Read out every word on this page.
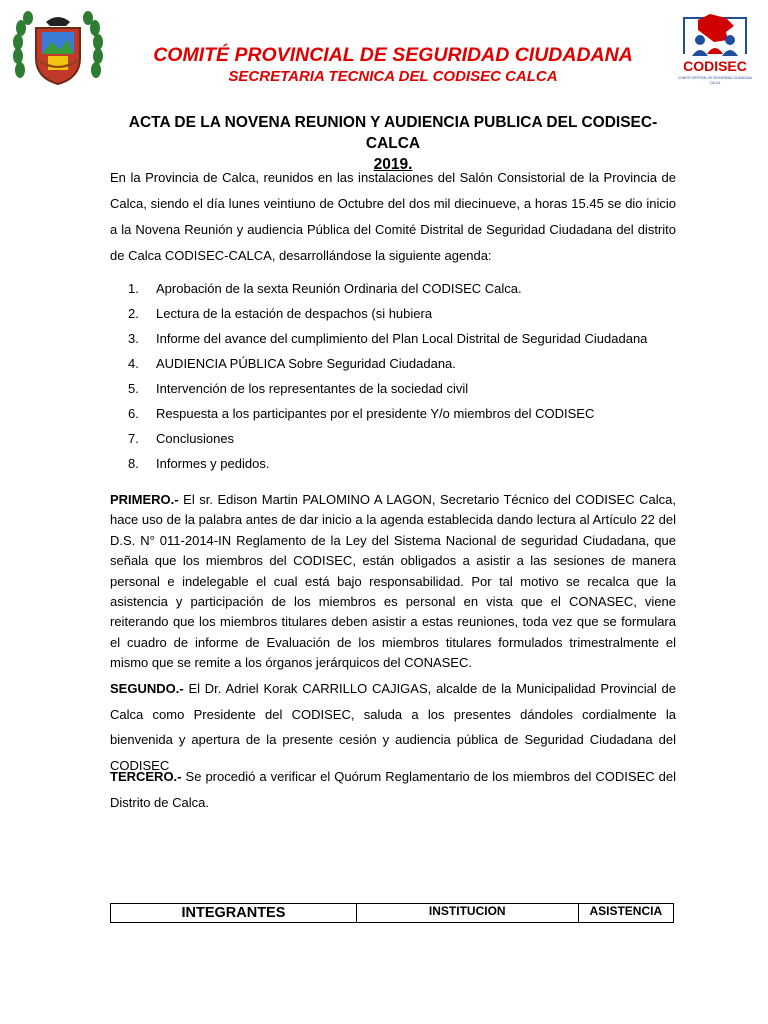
CODISEC
COMITÉ DISTRITAL DE SEGURIDAD CIUDADANA
CALCA
COMITÉ PROVINCIAL DE SEGURIDAD CIUDADANA
SECRETARIA TECNICA DEL CODISEC CALCA
ACTA DE LA NOVENA REUNION Y AUDIENCIA PUBLICA DEL CODISEC-CALCA
2019.
En la Provincia de Calca, reunidos en las instalaciones del Salón Consistorial de la Provincia de Calca, siendo el día lunes veintiuno de Octubre del dos mil diecinueve, a horas 15.45 se dio inicio a la Novena Reunión y audiencia Pública del Comité Distrital de Seguridad Ciudadana del distrito de Calca CODISEC-CALCA, desarrollándose la siguiente agenda:
1. Aprobación de la sexta Reunión Ordinaria del CODISEC Calca.
2. Lectura de la estación de despachos (si hubiera
3. Informe del avance del cumplimiento del Plan Local Distrital de Seguridad Ciudadana
4. AUDIENCIA PÚBLICA Sobre Seguridad Ciudadana.
5. Intervención de los representantes de la sociedad civil
6. Respuesta a los participantes por el presidente Y/o miembros del CODISEC
7. Conclusiones
8. Informes y pedidos.
PRIMERO.- El sr. Edison Martin PALOMINO A LAGON, Secretario Técnico del CODISEC Calca, hace uso de la palabra antes de dar inicio a la agenda establecida dando lectura al Artículo 22 del D.S. N° 011-2014-IN Reglamento de la Ley del Sistema Nacional de seguridad Ciudadana, que señala que los miembros del CODISEC, están obligados a asistir a las sesiones de manera personal e indelegable el cual está bajo responsabilidad. Por tal motivo se recalca que la asistencia y participación de los miembros es personal en vista que el CONASEC, viene reiterando que los miembros titulares deben asistir a estas reuniones, toda vez que se formulara el cuadro de informe de Evaluación de los miembros titulares formulados trimestralmente el mismo que se remite a los órganos jerárquicos del CONASEC.
SEGUNDO.- El Dr. Adriel Korak CARRILLO CAJIGAS, alcalde de la Municipalidad Provincial de Calca como Presidente del CODISEC, saluda a los presentes dándoles cordialmente la bienvenida y apertura de la presente cesión y audiencia pública de Seguridad Ciudadana del CODISEC
TERCERO.- Se procedió a verificar el Quórum Reglamentario de los miembros del CODISEC del Distrito de Calca.
INTEGRANTES	INSTITUCION	ASISTENCIA
